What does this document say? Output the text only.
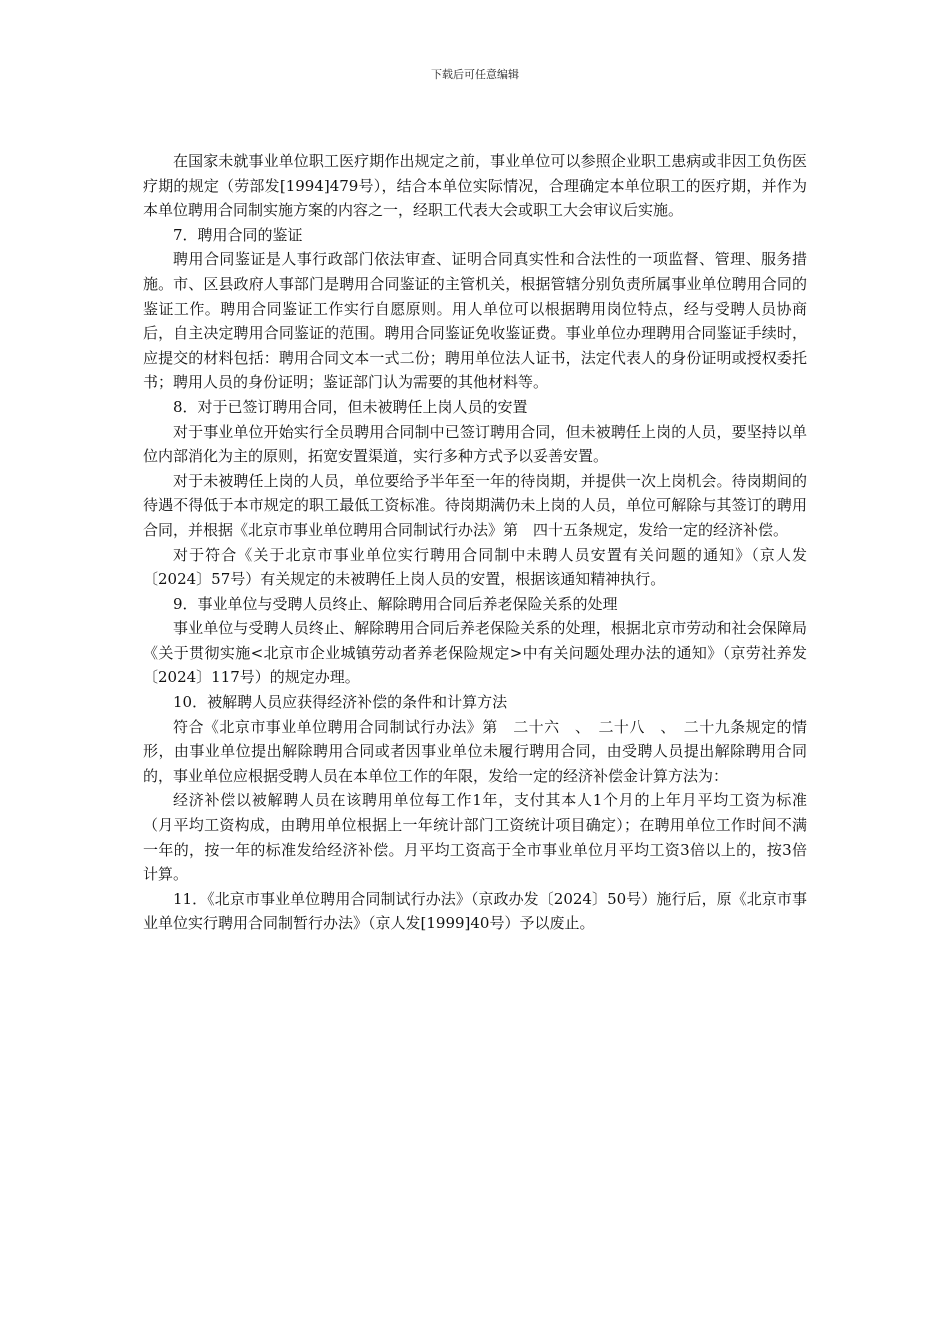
下载后可任意编辑

在国家未就事业单位职工医疗期作出规定之前，事业单位可以参照企业职工患病或非因工负伤医疗期的规定（劳部发[1994]479号），结合本单位实际情况，合理确定本单位职工的医疗期，并作为本单位聘用合同制实施方案的内容之一，经职工代表大会或职工大会审议后实施。

7．聘用合同的鉴证

聘用合同鉴证是人事行政部门依法审查、证明合同真实性和合法性的一项监督、管理、服务措施。市、区县政府人事部门是聘用合同鉴证的主管机关，根据管辖分别负责所属事业单位聘用合同的鉴证工作。聘用合同鉴证工作实行自愿原则。用人单位可以根据聘用岗位特点，经与受聘人员协商后，自主决定聘用合同鉴证的范围。聘用合同鉴证免收鉴证费。事业单位办理聘用合同鉴证手续时，应提交的材料包括：聘用合同文本一式二份；聘用单位法人证书，法定代表人的身份证明或授权委托书；聘用人员的身份证明；鉴证部门认为需要的其他材料等。

8．对于已签订聘用合同，但未被聘任上岗人员的安置

对于事业单位开始实行全员聘用合同制中已签订聘用合同，但未被聘任上岗的人员，要坚持以单位内部消化为主的原则，拓宽安置渠道，实行多种方式予以妥善安置。

对于未被聘任上岗的人员，单位要给予半年至一年的待岗期，并提供一次上岗机会。待岗期间的待遇不得低于本市规定的职工最低工资标准。待岗期满仍未上岗的人员，单位可解除与其签订的聘用合同，并根据《北京市事业单位聘用合同制试行办法》第　四十五条规定，发给一定的经济补偿。

对于符合《关于北京市事业单位实行聘用合同制中未聘人员安置有关问题的通知》（京人发〔2024〕57号）有关规定的未被聘任上岗人员的安置，根据该通知精神执行。

9．事业单位与受聘人员终止、解除聘用合同后养老保险关系的处理

事业单位与受聘人员终止、解除聘用合同后养老保险关系的处理，根据北京市劳动和社会保障局《关于贯彻实施<北京市企业城镇劳动者养老保险规定>中有关问题处理办法的通知》（京劳社养发〔2024〕117号）的规定办理。

10．被解聘人员应获得经济补偿的条件和计算方法

符合《北京市事业单位聘用合同制试行办法》第　二十六　、　二十八　、　二十九条规定的情形，由事业单位提出解除聘用合同或者因事业单位未履行聘用合同，由受聘人员提出解除聘用合同的，事业单位应根据受聘人员在本单位工作的年限，发给一定的经济补偿金计算方法为：

经济补偿以被解聘人员在该聘用单位每工作1年，支付其本人1个月的上年月平均工资为标准（月平均工资构成，由聘用单位根据上一年统计部门工资统计项目确定）；在聘用单位工作时间不满一年的，按一年的标准发给经济补偿。月平均工资高于全市事业单位月平均工资3倍以上的，按3倍计算。

11．《北京市事业单位聘用合同制试行办法》（京政办发〔2024〕50号）施行后，原《北京市事业单位实行聘用合同制暂行办法》（京人发[1999]40号）予以废止。
